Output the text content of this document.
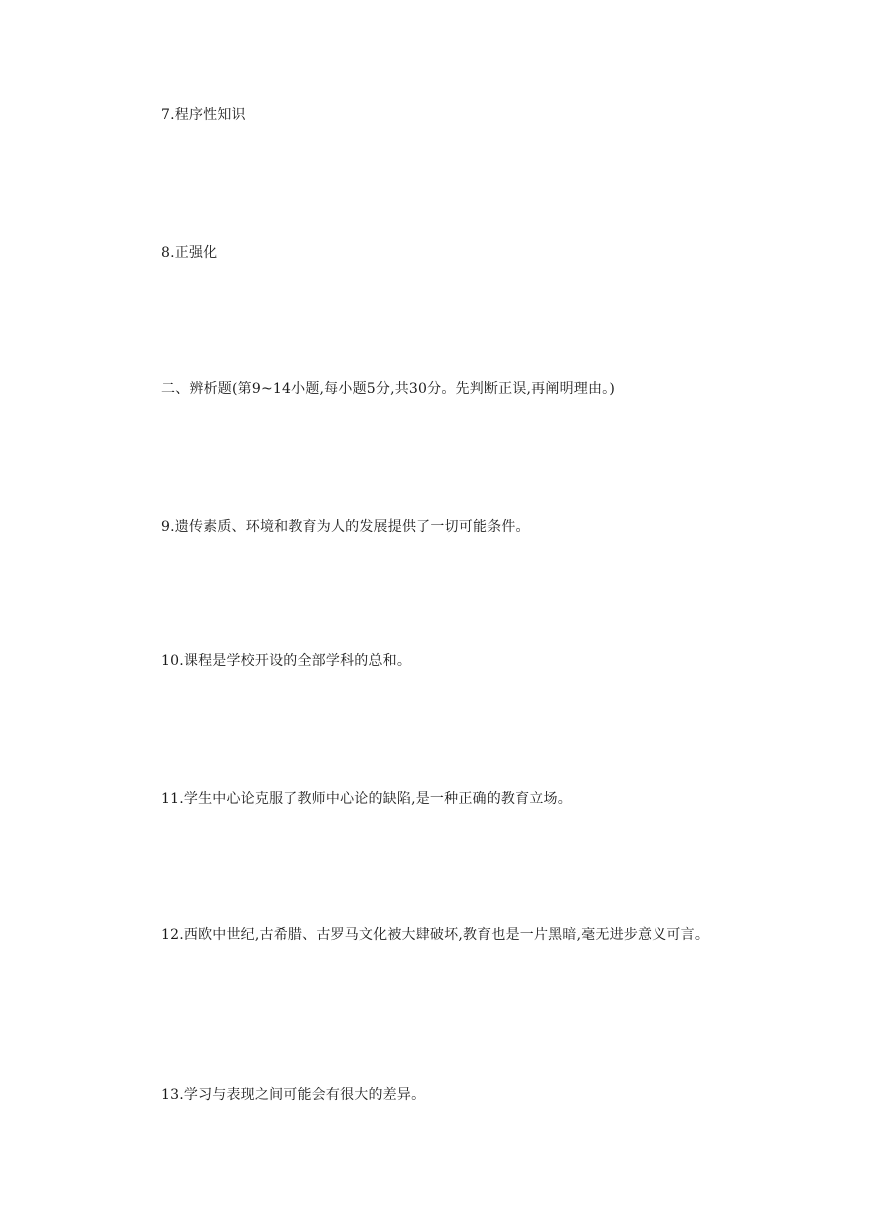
7.程序性知识
8.正强化
二、辨析题(第9~14小题,每小题5分,共30分。先判断正误,再阐明理由。)
9.遗传素质、环境和教育为人的发展提供了一切可能条件。
10.课程是学校开设的全部学科的总和。
11.学生中心论克服了教师中心论的缺陷,是一种正确的教育立场。
12.西欧中世纪,古希腊、古罗马文化被大肆破坏,教育也是一片黑暗,毫无进步意义可言。
13.学习与表现之间可能会有很大的差异。
